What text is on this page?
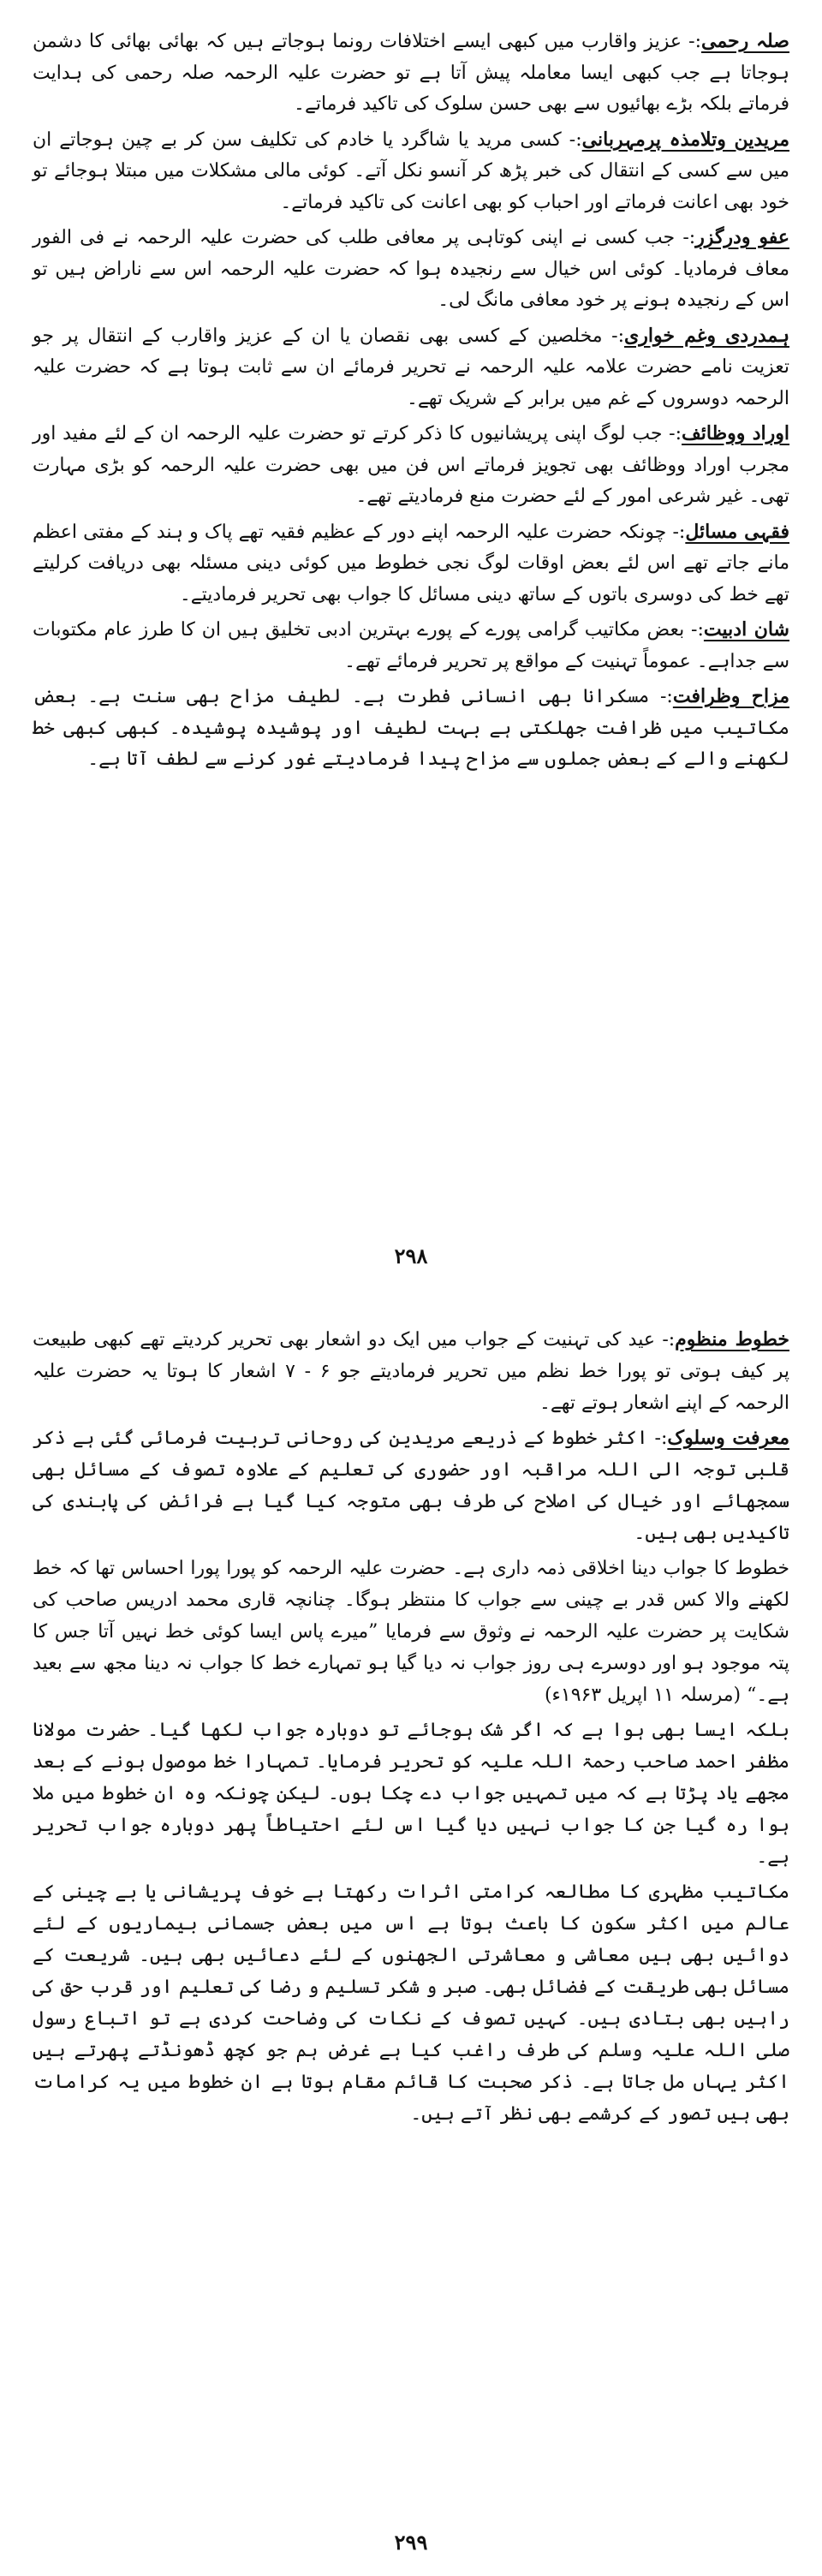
صلہ رحمی:- عزیز واقارب میں کبھی ایسے اختلافات رونما ہوجاتے ہیں کہ بھائی بھائی کا دشمن ہوجاتا ہے جب کبھی ایسا معاملہ پیش آتا ہے تو حضرت علیہ الرحمہ صلہ رحمی کی ہدایت فرماتے بلکہ بڑے بھائیوں سے بھی حسن سلوک کی تاکید فرماتے۔

مریدین وتلامذہ پرمہربانی:- کسی مرید یا شاگرد یا خادم کی تکلیف سن کر بے چین ہوجاتے ان میں سے کسی کے انتقال کی خبر پڑھ کر آنسو نکل آتے۔ کوئی مالی مشکلات میں مبتلا ہوجائے تو خود بھی اعانت فرماتے اور احباب کو بھی اعانت کی تاکید فرماتے۔

عفو ودرگزر:- جب کسی نے اپنی کوتاہی پر معافی طلب کی حضرت علیہ الرحمہ نے فی الفور معاف فرمادیا۔ کوئی اس خیال سے رنجیدہ ہوا کہ حضرت علیہ الرحمہ اس سے ناراض ہیں تو اس کے رنجیدہ ہونے پر خود معافی مانگ لی۔

ہمدردی وغم خواری:- مخلصین کے کسی بھی نقصان یا ان کے عزیز واقارب کے انتقال پر جو تعزیت نامے حضرت علامہ علیہ الرحمہ نے تحریر فرمائے ان سے ثابت ہوتا ہے کہ حضرت علیہ الرحمہ دوسروں کے غم میں برابر کے شریک تھے۔

اوراد ووظائف:- جب لوگ اپنی پریشانیوں کا ذکر کرتے تو حضرت علیہ الرحمہ ان کے لئے مفید اور مجرب اوراد ووظائف بھی تجویز فرماتے اس فن میں بھی حضرت علیہ الرحمہ کو بڑی مہارت تھی۔ غیر شرعی امور کے لئے حضرت منع فرمادیتے تھے۔

فقہی مسائل:- چونکہ حضرت علیہ الرحمہ اپنے دور کے عظیم فقیہ تھے پاک و ہند کے مفتی اعظم مانے جاتے تھے اس لئے بعض اوقات لوگ نجی خطوط میں کوئی دینی مسئلہ بھی دریافت کرلیتے تھے خط کی دوسری باتوں کے ساتھ دینی مسائل کا جواب بھی تحریر فرمادیتے۔

شان ادبیت:- بعض مکاتیب گرامی پورے کے پورے بہترین ادبی تخلیق ہیں ان کا طرز عام مکتوبات سے جداہے۔ عموماً تہنیت کے مواقع پر تحریر فرمائے تھے۔

مزاح وظرافت:- مسکرانا بھی انسانی فطرت ہے۔ لطیف مزاح بھی سنت ہے۔ بعض مکاتیب میں ظرافت جھلکتی ہے بہت لطیف اور پوشیدہ پوشیدہ۔ کبھی کبھی خط لکھنے والے کے بعض جملوں سے مزاح پیدا فرمادیتے غور کرنے سے لطف آتا ہے۔

۲۹۸

خطوط منظوم:- عید کی تہنیت کے جواب میں ایک دو اشعار بھی تحریر کردیتے تھے کبھی طبیعت پر کیف ہوتی تو پورا خط نظم میں تحریر فرمادیتے جو ۶ - ۷ اشعار کا ہوتا یہ حضرت علیہ الرحمہ کے اپنے اشعار ہوتے تھے۔

معرفت وسلوک:- اکثر خطوط کے ذریعے مریدین کی روحانی تربیت فرمائی گئی ہے ذکر قلبی توجہ الی اللہ مراقبہ اور حضوری کی تعلیم کے علاوہ تصوف کے مسائل بھی سمجھائے اور خیال کی اصلاح کی طرف بھی متوجہ کیا گیا ہے فرائض کی پابندی کی تاکیدیں بھی ہیں۔

خطوط کا جواب دینا اخلاقی ذمہ داری ہے۔ حضرت علیہ الرحمہ کو پورا پورا احساس تھا کہ خط لکھنے والا کس قدر بے چینی سے جواب کا منتظر ہوگا۔ چنانچہ قاری محمد ادریس صاحب کی شکایت پر حضرت علیہ الرحمہ نے وثوق سے فرمایا ”میرے پاس ایسا کوئی خط نہیں آتا جس کا پتہ موجود ہو اور دوسرے ہی روز جواب نہ دیا گیا ہو تمہارے خط کا جواب نہ دینا مجھ سے بعید ہے۔“ (مرسلہ ۱۱ اپریل ۱۹۶۳ء)

بلکہ ایسا بھی ہوا ہے کہ اگر شک ہوجائے تو دوبارہ جواب لکھا گیا۔ حضرت مولانا مظفر احمد صاحب رحمۃ اللہ علیہ کو تحریر فرمایا۔ تمہارا خط موصول ہونے کے بعد مجھے یاد پڑتا ہے کہ میں تمہیں جواب دے چکا ہوں۔ لیکن چونکہ وہ ان خطوط میں ملا ہوا رہ گیا جن کا جواب نہیں دیا گیا اس لئے احتیاطاً پھر دوبارہ جواب تحریر ہے۔

مکاتیب مظہری کا مطالعہ کرامتی اثرات رکھتا ہے خوف پریشانی یا بے چینی کے عالم میں اکثر سکون کا باعث ہوتا ہے اس میں بعض جسمانی بیماریوں کے لئے دوائیں بھی ہیں معاشی و معاشرتی الجھنوں کے لئے دعائیں بھی ہیں۔ شریعت کے مسائل بھی طریقت کے فضائل بھی۔ صبر و شکر تسلیم و رضا کی تعلیم اور قرب حق کی راہیں بھی بتادی ہیں۔ کہیں تصوف کے نکات کی وضاحت کردی ہے تو اتباع رسول صلی اللہ علیہ وسلم کی طرف راغب کیا ہے غرض ہم جو کچھ ڈھونڈتے پھرتے ہیں اکثر یہاں مل جاتا ہے۔ ذکر صحبت کا قائم مقام ہوتا ہے ان خطوط میں یہ کرامات بھی ہیں تصور کے کرشمے بھی نظر آتے ہیں۔

۲۹۹
